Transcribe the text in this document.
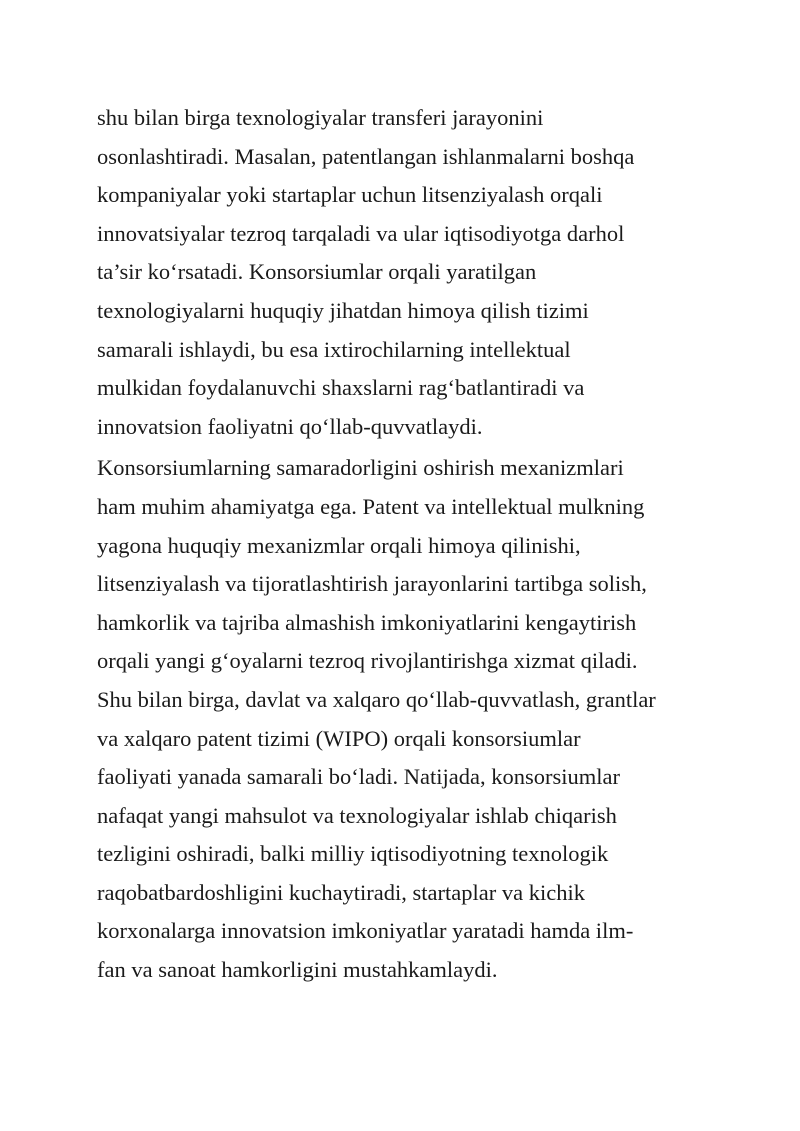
shu bilan birga texnologiyalar transferi jarayonini
osonlashtiradi. Masalan, patentlangan ishlanmalarni boshqa
kompaniyalar yoki startaplar uchun litsenziyalash orqali
innovatsiyalar tezroq tarqaladi va ular iqtisodiyotga darhol
ta’sir ko‘rsatadi. Konsorsiumlar orqali yaratilgan
texnologiyalarni huquqiy jihatdan himoya qilish tizimi
samarali ishlaydi, bu esa ixtirochilarning intellektual
mulkidan foydalanuvchi shaxslarni rag‘batlantiradi va
innovatsion faoliyatni qo‘llab-quvvatlaydi.

Konsorsiumlarning samaradorligini oshirish mexanizmlari
ham muhim ahamiyatga ega. Patent va intellektual mulkning
yagona huquqiy mexanizmlar orqali himoya qilinishi,
litsenziyalash va tijoratlashtirish jarayonlarini tartibga solish,
hamkorlik va tajriba almashish imkoniyatlarini kengaytirish
orqali yangi g‘oyalarni tezroq rivojlantirishga xizmat qiladi.
Shu bilan birga, davlat va xalqaro qo‘llab-quvvatlash, grantlar
va xalqaro patent tizimi (WIPO) orqali konsorsiumlar
faoliyati yanada samarali bo‘ladi. Natijada, konsorsiumlar
nafaqat yangi mahsulot va texnologiyalar ishlab chiqarish
tezligini oshiradi, balki milliy iqtisodiyotning texnologik
raqobatbardoshligini kuchaytiradi, startaplar va kichik
korxonalarga innovatsion imkoniyatlar yaratadi hamda ilm-
fan va sanoat hamkorligini mustahkamlaydi.
